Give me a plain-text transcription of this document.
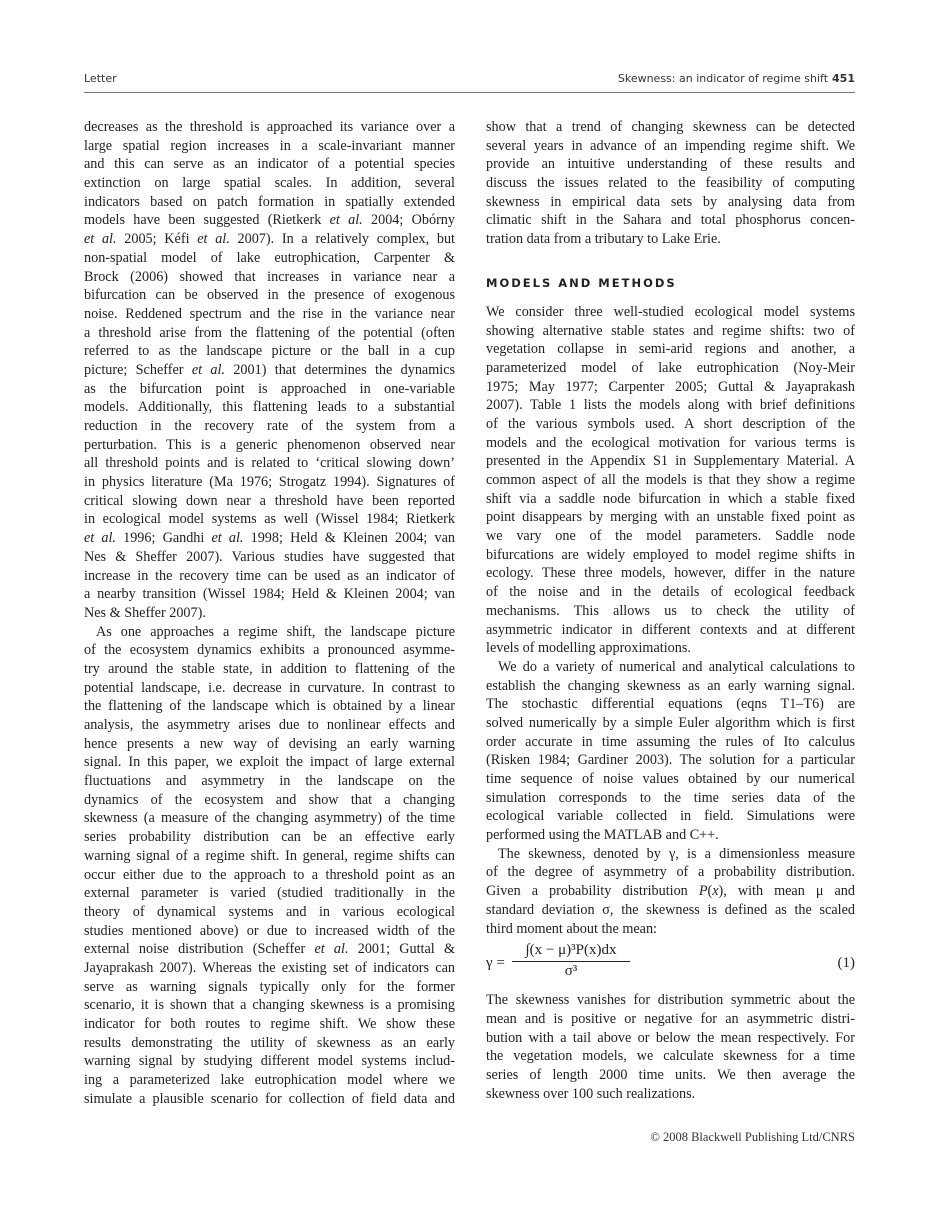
Letter	Skewness: an indicator of regime shift 451
decreases as the threshold is approached its variance over a
large spatial region increases in a scale-invariant manner
and this can serve as an indicator of a potential species
extinction on large spatial scales. In addition, several
indicators based on patch formation in spatially extended
models have been suggested (Rietkerk et al. 2004; Obórny
et al. 2005; Kéfi et al. 2007). In a relatively complex, but
non-spatial model of lake eutrophication, Carpenter &
Brock (2006) showed that increases in variance near a
bifurcation can be observed in the presence of exogenous
noise. Reddened spectrum and the rise in the variance near
a threshold arise from the flattening of the potential (often
referred to as the landscape picture or the ball in a cup
picture; Scheffer et al. 2001) that determines the dynamics
as the bifurcation point is approached in one-variable
models. Additionally, this flattening leads to a substantial
reduction in the recovery rate of the system from a
perturbation. This is a generic phenomenon observed near
all threshold points and is related to ‘critical slowing down’
in physics literature (Ma 1976; Strogatz 1994). Signatures of
critical slowing down near a threshold have been reported
in ecological model systems as well (Wissel 1984; Rietkerk
et al. 1996; Gandhi et al. 1998; Held & Kleinen 2004; van
Nes & Sheffer 2007). Various studies have suggested that
increase in the recovery time can be used as an indicator of
a nearby transition (Wissel 1984; Held & Kleinen 2004; van
Nes & Sheffer 2007).
As one approaches a regime shift, the landscape picture
of the ecosystem dynamics exhibits a pronounced asymme-
try around the stable state, in addition to flattening of the
potential landscape, i.e. decrease in curvature. In contrast to
the flattening of the landscape which is obtained by a linear
analysis, the asymmetry arises due to nonlinear effects and
hence presents a new way of devising an early warning
signal. In this paper, we exploit the impact of large external
fluctuations and asymmetry in the landscape on the
dynamics of the ecosystem and show that a changing
skewness (a measure of the changing asymmetry) of the time
series probability distribution can be an effective early
warning signal of a regime shift. In general, regime shifts can
occur either due to the approach to a threshold point as an
external parameter is varied (studied traditionally in the
theory of dynamical systems and in various ecological
studies mentioned above) or due to increased width of the
external noise distribution (Scheffer et al. 2001; Guttal &
Jayaprakash 2007). Whereas the existing set of indicators can
serve as warning signals typically only for the former
scenario, it is shown that a changing skewness is a promising
indicator for both routes to regime shift. We show these
results demonstrating the utility of skewness as an early
warning signal by studying different model systems includ-
ing a parameterized lake eutrophication model where we
simulate a plausible scenario for collection of field data and
show that a trend of changing skewness can be detected
several years in advance of an impending regime shift. We
provide an intuitive understanding of these results and
discuss the issues related to the feasibility of computing
skewness in empirical data sets by analysing data from
climatic shift in the Sahara and total phosphorus concen-
tration data from a tributary to Lake Erie.
MODELS AND METHODS
We consider three well-studied ecological model systems
showing alternative stable states and regime shifts: two of
vegetation collapse in semi-arid regions and another, a
parameterized model of lake eutrophication (Noy-Meir
1975; May 1977; Carpenter 2005; Guttal & Jayaprakash
2007). Table 1 lists the models along with brief definitions
of the various symbols used. A short description of the
models and the ecological motivation for various terms is
presented in the Appendix S1 in Supplementary Material. A
common aspect of all the models is that they show a regime
shift via a saddle node bifurcation in which a stable fixed
point disappears by merging with an unstable fixed point as
we vary one of the model parameters. Saddle node
bifurcations are widely employed to model regime shifts in
ecology. These three models, however, differ in the nature
of the noise and in the details of ecological feedback
mechanisms. This allows us to check the utility of
asymmetric indicator in different contexts and at different
levels of modelling approximations.
We do a variety of numerical and analytical calculations to
establish the changing skewness as an early warning signal.
The stochastic differential equations (eqns T1–T6) are
solved numerically by a simple Euler algorithm which is first
order accurate in time assuming the rules of Ito calculus
(Risken 1984; Gardiner 2003). The solution for a particular
time sequence of noise values obtained by our numerical
simulation corresponds to the time series data of the
ecological variable collected in field. Simulations were
performed using the MATLAB and C++.
The skewness, denoted by γ, is a dimensionless measure
of the degree of asymmetry of a probability distribution.
Given a probability distribution P(x), with mean μ and
standard deviation σ, the skewness is defined as the scaled
third moment about the mean:
$\gamma = \frac{\text{∫(x − μ)³P(x)dx}}{\text{σ³}}$	(1)
The skewness vanishes for distribution symmetric about the
mean and is positive or negative for an asymmetric distri-
bution with a tail above or below the mean respectively. For
the vegetation models, we calculate skewness for a time
series of length 2000 time units. We then average the
skewness over 100 such realizations.
© 2008 Blackwell Publishing Ltd/CNRS
